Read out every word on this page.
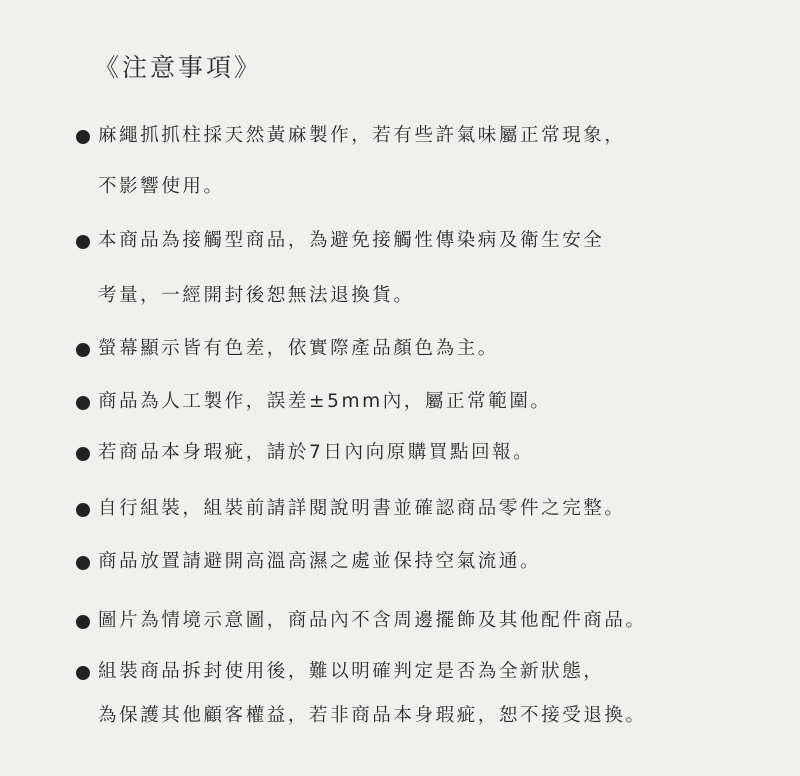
《注意事項》
麻繩抓抓柱採天然黃麻製作，若有些許氣味屬正常現象，
不影響使用。
本商品為接觸型商品，為避免接觸性傳染病及衛生安全
考量，一經開封後恕無法退換貨。
螢幕顯示皆有色差，依實際產品顏色為主。
商品為人工製作，誤差±5mm內，屬正常範圍。
若商品本身瑕疵，請於7日內向原購買點回報。
自行組裝，組裝前請詳閱說明書並確認商品零件之完整。
商品放置請避開高溫高濕之處並保持空氣流通。
圖片為情境示意圖，商品內不含周邊擺飾及其他配件商品。
組裝商品拆封使用後，難以明確判定是否為全新狀態，
為保護其他顧客權益，若非商品本身瑕疵，恕不接受退換。
